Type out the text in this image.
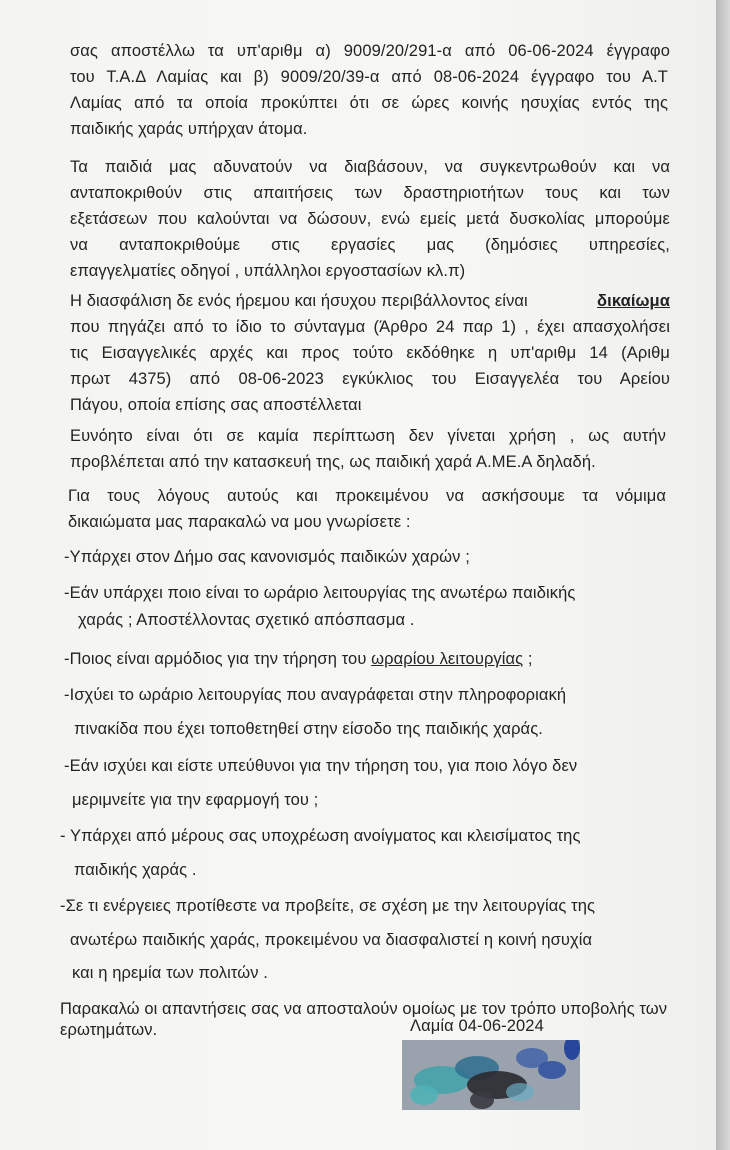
σας αποστέλλω τα υπ'αριθμ α) 9009/20/291-α από 06-06-2024 έγγραφο
του Τ.Α.Δ Λαμίας και β) 9009/20/39-α από 08-06-2024 έγγραφο του Α.Τ
Λαμίας από τα οποία προκύπτει ότι σε ώρες κοινής ησυχίας εντός της
παιδικής χαράς υπήρχαν άτομα.
Τα παιδιά μας αδυνατούν να διαβάσουν, να συγκεντρωθούν και να
ανταποκριθούν στις απαιτήσεις των δραστηριοτήτων τους και των
εξετάσεων που καλούνται να δώσουν, ενώ εμείς μετά δυσκολίας μπορούμε
να ανταποκριθούμε στις εργασίες μας (δημόσιες υπηρεσίες,
επαγγελματίες οδηγοί , υπάλληλοι εργοστασίων κλ.π)
Η διασφάλιση δε ενός ήρεμου και ήσυχου περιβάλλοντος είναι	δικαίωμα
που πηγάζει από το ίδιο το σύνταγμα (Άρθρο 24 παρ 1) , έχει απασχολήσει
τις Εισαγγελικές αρχές και προς τούτο εκδόθηκε η υπ'αριθμ 14 (Αριθμ
πρωτ 4375) από 08-06-2023 εγκύκλιος του Εισαγγελέα του Αρείου
Πάγου, οποία επίσης σας αποστέλλεται
Ευνόητο είναι ότι σε καμία περίπτωση δεν γίνεται χρήση , ως αυτήν
προβλέπεται από την κατασκευή της, ως παιδική χαρά Α.ΜΕ.Α δηλαδή.
Για τους λόγους αυτούς και προκειμένου να ασκήσουμε τα νόμιμα
δικαιώματα μας παρακαλώ να μου γνωρίσετε :
-Υπάρχει στον Δήμο σας κανονισμός παιδικών χαρών ;
-Εάν υπάρχει ποιο είναι το ωράριο λειτουργίας της ανωτέρω παιδικής
χαράς ; Αποστέλλοντας σχετικό απόσπασμα .
-Ποιος είναι αρμόδιος για την τήρηση του ωραρίου λειτουργίας ;
-Ισχύει το ωράριο λειτουργίας που αναγράφεται στην πληροφοριακή
πινακίδα που έχει τοποθετηθεί στην είσοδο της παιδικής χαράς.
-Εάν ισχύει και είστε υπεύθυνοι για την τήρηση του, για ποιο λόγο δεν
μεριμνείτε για την εφαρμογή του ;
- Υπάρχει από μέρους σας υποχρέωση ανοίγματος και κλεισίματος της
παιδικής χαράς .
-Σε τι ενέργειες προτίθεστε να προβείτε, σε σχέση με την λειτουργίας της
ανωτέρω παιδικής χαράς, προκειμένου να διασφαλιστεί η κοινή ησυχία
και η ηρεμία των πολιτών .
Παρακαλώ οι απαντήσεις σας να αποσταλούν ομοίως με τον τρόπο υποβολής των
ερωτημάτων.	Λαμία 04-06-2024
